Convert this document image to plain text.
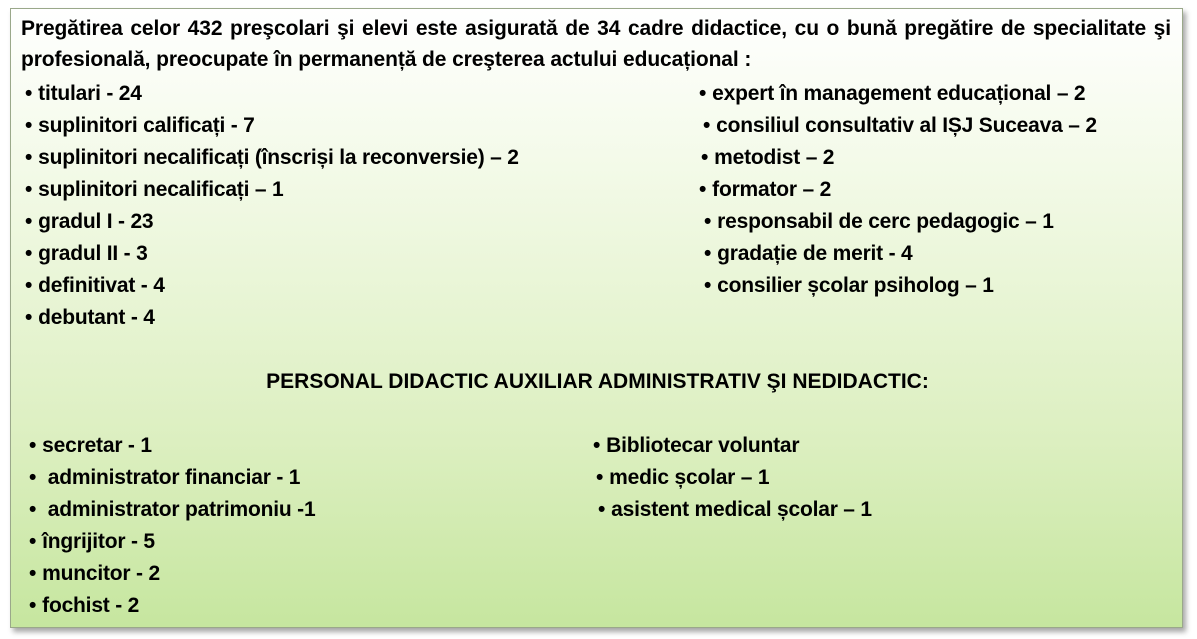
Pregătirea celor 432 preşcolari şi elevi este asigurată de 34 cadre didactice, cu o bună pregătire de specialitate şi profesională, preocupate în permanență de creşterea actului educațional :
• titulari - 24
• suplinitori calificați - 7
• suplinitori necalificați (înscriși la reconversie) – 2
• suplinitori necalificați – 1
• gradul I - 23
• gradul II - 3
• definitivat - 4
• debutant - 4
• expert în management educațional – 2
• consiliul consultativ al IȘJ Suceava – 2
• metodist – 2
• formator – 2
• responsabil de cerc pedagogic – 1
• gradație de merit - 4
• consilier școlar psiholog – 1
PERSONAL DIDACTIC AUXILIAR ADMINISTRATIV ŞI NEDIDACTIC:
• secretar - 1
• administrator financiar - 1
• administrator patrimoniu -1
• îngrijitor - 5
• muncitor - 2
• fochist - 2
• Bibliotecar voluntar
• medic școlar – 1
• asistent medical școlar – 1
